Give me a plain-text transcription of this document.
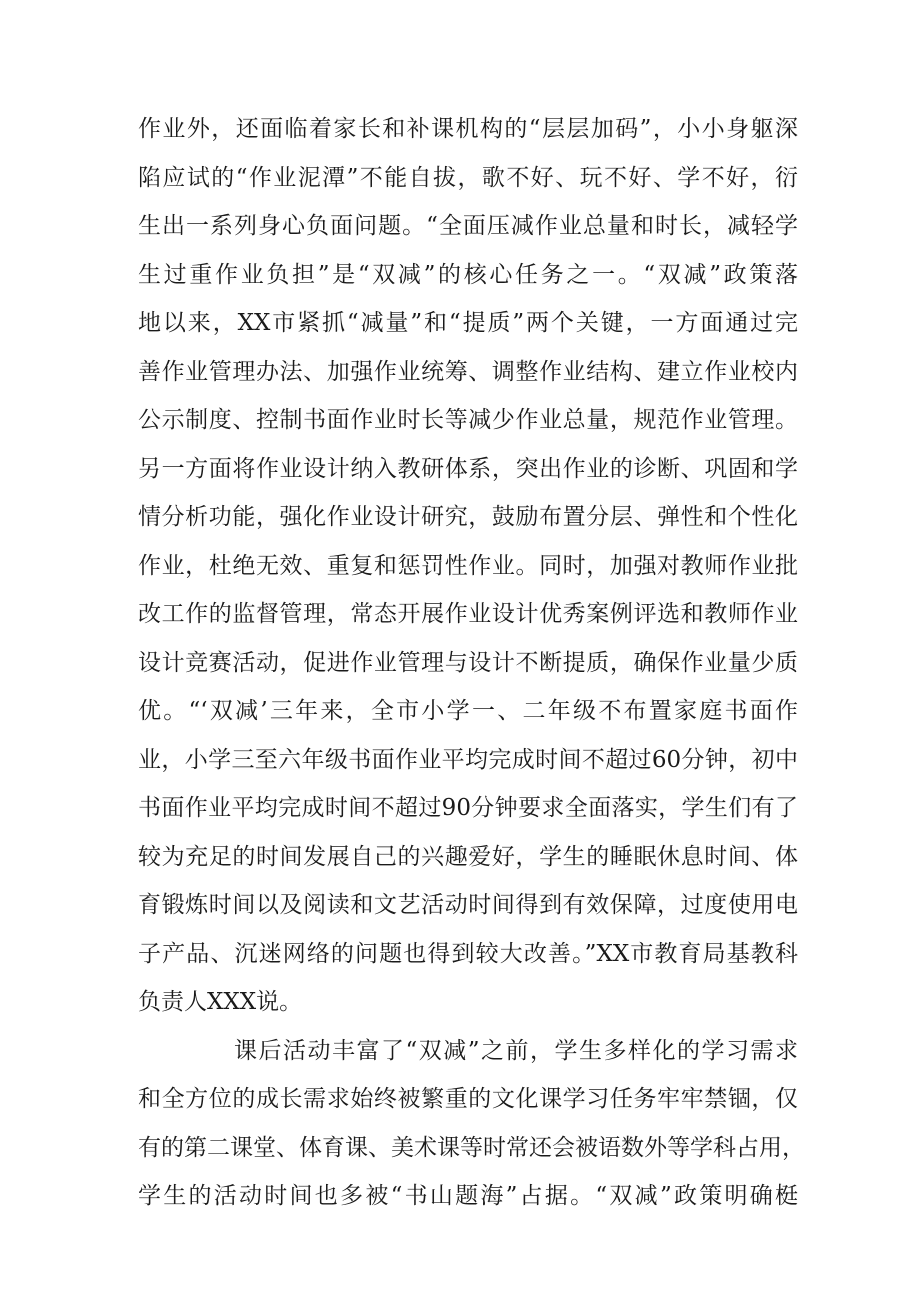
作业外，还面临着家长和补课机构的“层层加码”，小小身躯深
陷应试的“作业泥潭”不能自拔，歌不好、玩不好、学不好，衍
生出一系列身心负面问题。“全面压减作业总量和时长，减轻学
生过重作业负担”是“双减”的核心任务之一。“双减”政策落
地以来，XX市紧抓“减量”和“提质”两个关键，一方面通过完
善作业管理办法、加强作业统筹、调整作业结构、建立作业校内
公示制度、控制书面作业时长等减少作业总量，规范作业管理。
另一方面将作业设计纳入教研体系，突出作业的诊断、巩固和学
情分析功能，强化作业设计研究，鼓励布置分层、弹性和个性化
作业，杜绝无效、重复和惩罚性作业。同时，加强对教师作业批
改工作的监督管理，常态开展作业设计优秀案例评选和教师作业
设计竞赛活动，促进作业管理与设计不断提质，确保作业量少质
优。“‘双减’三年来，全市小学一、二年级不布置家庭书面作
业，小学三至六年级书面作业平均完成时间不超过60分钟，初中
书面作业平均完成时间不超过90分钟要求全面落实，学生们有了
较为充足的时间发展自己的兴趣爱好，学生的睡眠休息时间、体
育锻炼时间以及阅读和文艺活动时间得到有效保障，过度使用电
子产品、沉迷网络的问题也得到较大改善。”XX市教育局基教科
负责人XXX说。
课后活动丰富了“双减”之前，学生多样化的学习需求
和全方位的成长需求始终被繁重的文化课学习任务牢牢禁锢，仅
有的第二课堂、体育课、美术课等时常还会被语数外等学科占用，
学生的活动时间也多被“书山题海”占据。“双减”政策明确梃
